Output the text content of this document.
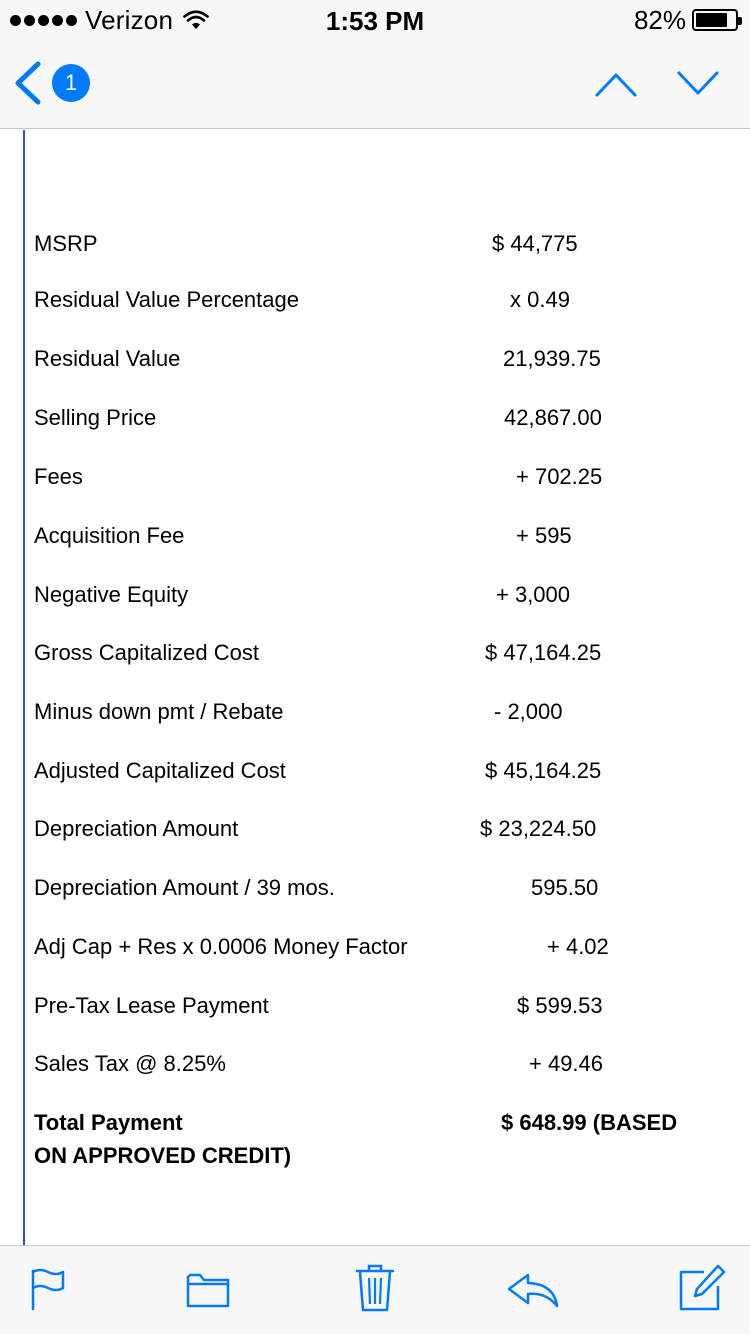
Verizon	1:53 PM	82%
1
MSRP	$ 44,775
Residual Value Percentage	x 0.49
Residual Value	21,939.75
Selling Price	42,867.00
Fees	+ 702.25
Acquisition Fee	+ 595
Negative Equity	+ 3,000
Gross Capitalized Cost	$ 47,164.25
Minus down pmt / Rebate	- 2,000
Adjusted Capitalized Cost	$ 45,164.25
Depreciation Amount	$ 23,224.50
Depreciation Amount / 39 mos.	595.50
Adj Cap + Res x 0.0006 Money Factor	+ 4.02
Pre-Tax Lease Payment	$ 599.53
Sales Tax @ 8.25%	+ 49.46
Total Payment	$ 648.99 (BASED
ON APPROVED CREDIT)
